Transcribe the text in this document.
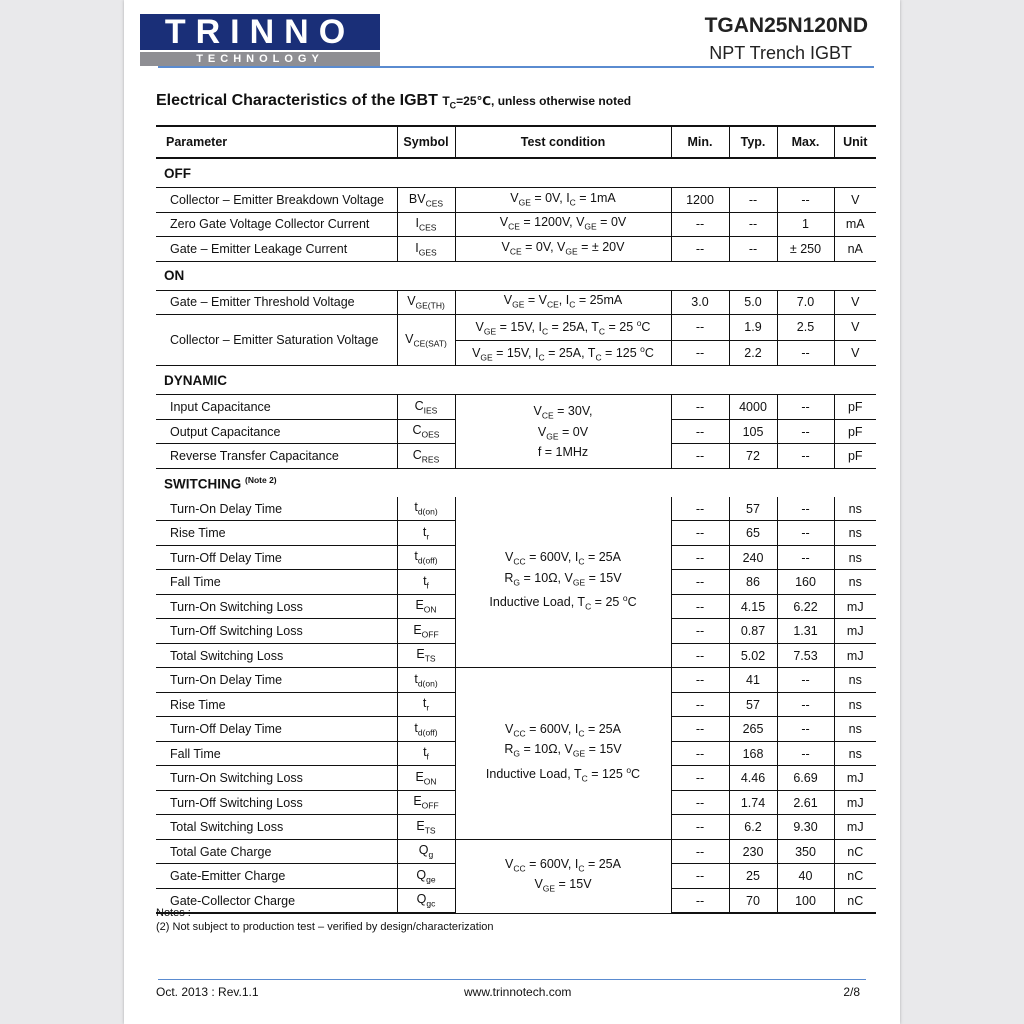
TRINNO
TECHNOLOGY
TGAN25N120ND
NPT Trench IGBT
Electrical Characteristics of the IGBT $T_C=25℃$, unless otherwise noted
Parameter	Symbol	Test condition	Min.	Typ.	Max.	Unit
OFF						
Collector – Emitter Breakdown Voltage	$BV_{CES}$	$V_{GE} = 0V$, $I_C = 1mA$	1200	--	--	V
Zero Gate Voltage Collector Current	$I_{CES}$	$V_{CE} = 1200V$, $V_{GE} = 0V$	--	--	1	mA
Gate – Emitter Leakage Current	$I_{GES}$	$V_{CE} = 0V$, $V_{GE}$ = ± 20V	--	--	± 250	nA
ON						
Gate – Emitter Threshold Voltage	$V_{GE(TH)}$	$V_{GE} = V_{CE}$, $I_C = 25mA$	3.0	5.0	7.0	V
Collector – Emitter Saturation Voltage	$V_{CE(SAT)}$	$V_{GE} = 15V$, $I_C = 25A$, $T_C = 25$ $^o$C	--	1.9	2.5	V
		$V_{GE} = 15V$, $I_C = 25A$, $T_C = 125$ $^o$C	--	2.2	--	V
DYNAMIC						
Input Capacitance	$C_{IES}$	$V_{CE} = 30V$,
$V_{GE} = 0V$
f = 1MHz	--	4000	--	pF
Output Capacitance	$C_{OES}$		--	105	--	pF
Reverse Transfer Capacitance	$C_{RES}$		--	72	--	pF
SWITCHING $^{(Note 2)}$
Turn-On Delay Time	$t_{d(on)}$	$V_{CC} = 600V$, $I_C = 25A$
$R_G = 10\Omega$, $V_{GE} = 15V$
Inductive Load, $T_C = 25$ $^o$C	--	57	--	ns
Rise Time	$t_r$		--	65	--	ns
Turn-Off Delay Time	$t_{d(off)}$		--	240	--	ns
Fall Time	$t_f$		--	86	160	ns
Turn-On Switching Loss	$E_{ON}$		--	4.15	6.22	mJ
Turn-Off Switching Loss	$E_{OFF}$		--	0.87	1.31	mJ
Total Switching Loss	$E_{TS}$		--	5.02	7.53	mJ
Turn-On Delay Time	$t_{d(on)}$	$V_{CC} = 600V$, $I_C = 25A$
$R_G = 10\Omega$, $V_{GE} = 15V$
Inductive Load, $T_C = 125$ $^o$C	--	41	--	ns
Rise Time	$t_r$		--	57	--	ns
Turn-Off Delay Time	$t_{d(off)}$		--	265	--	ns
Fall Time	$t_f$		--	168	--	ns
Turn-On Switching Loss	$E_{ON}$		--	4.46	6.69	mJ
Turn-Off Switching Loss	$E_{OFF}$		--	1.74	2.61	mJ
Total Switching Loss	$E_{TS}$		--	6.2	9.30	mJ
Total Gate Charge	$Q_g$	$V_{CC} = 600V$, $I_C = 25A$
$V_{GE} = 15V$	--	230	350	nC
Gate-Emitter Charge	$Q_{ge}$		--	25	40	nC
Gate-Collector Charge	$Q_{gc}$		--	70	100	nC
Notes :
(2) Not subject to production test – verified by design/characterization
Oct. 2013 : Rev.1.1	www.trinnotech.com	2/8
